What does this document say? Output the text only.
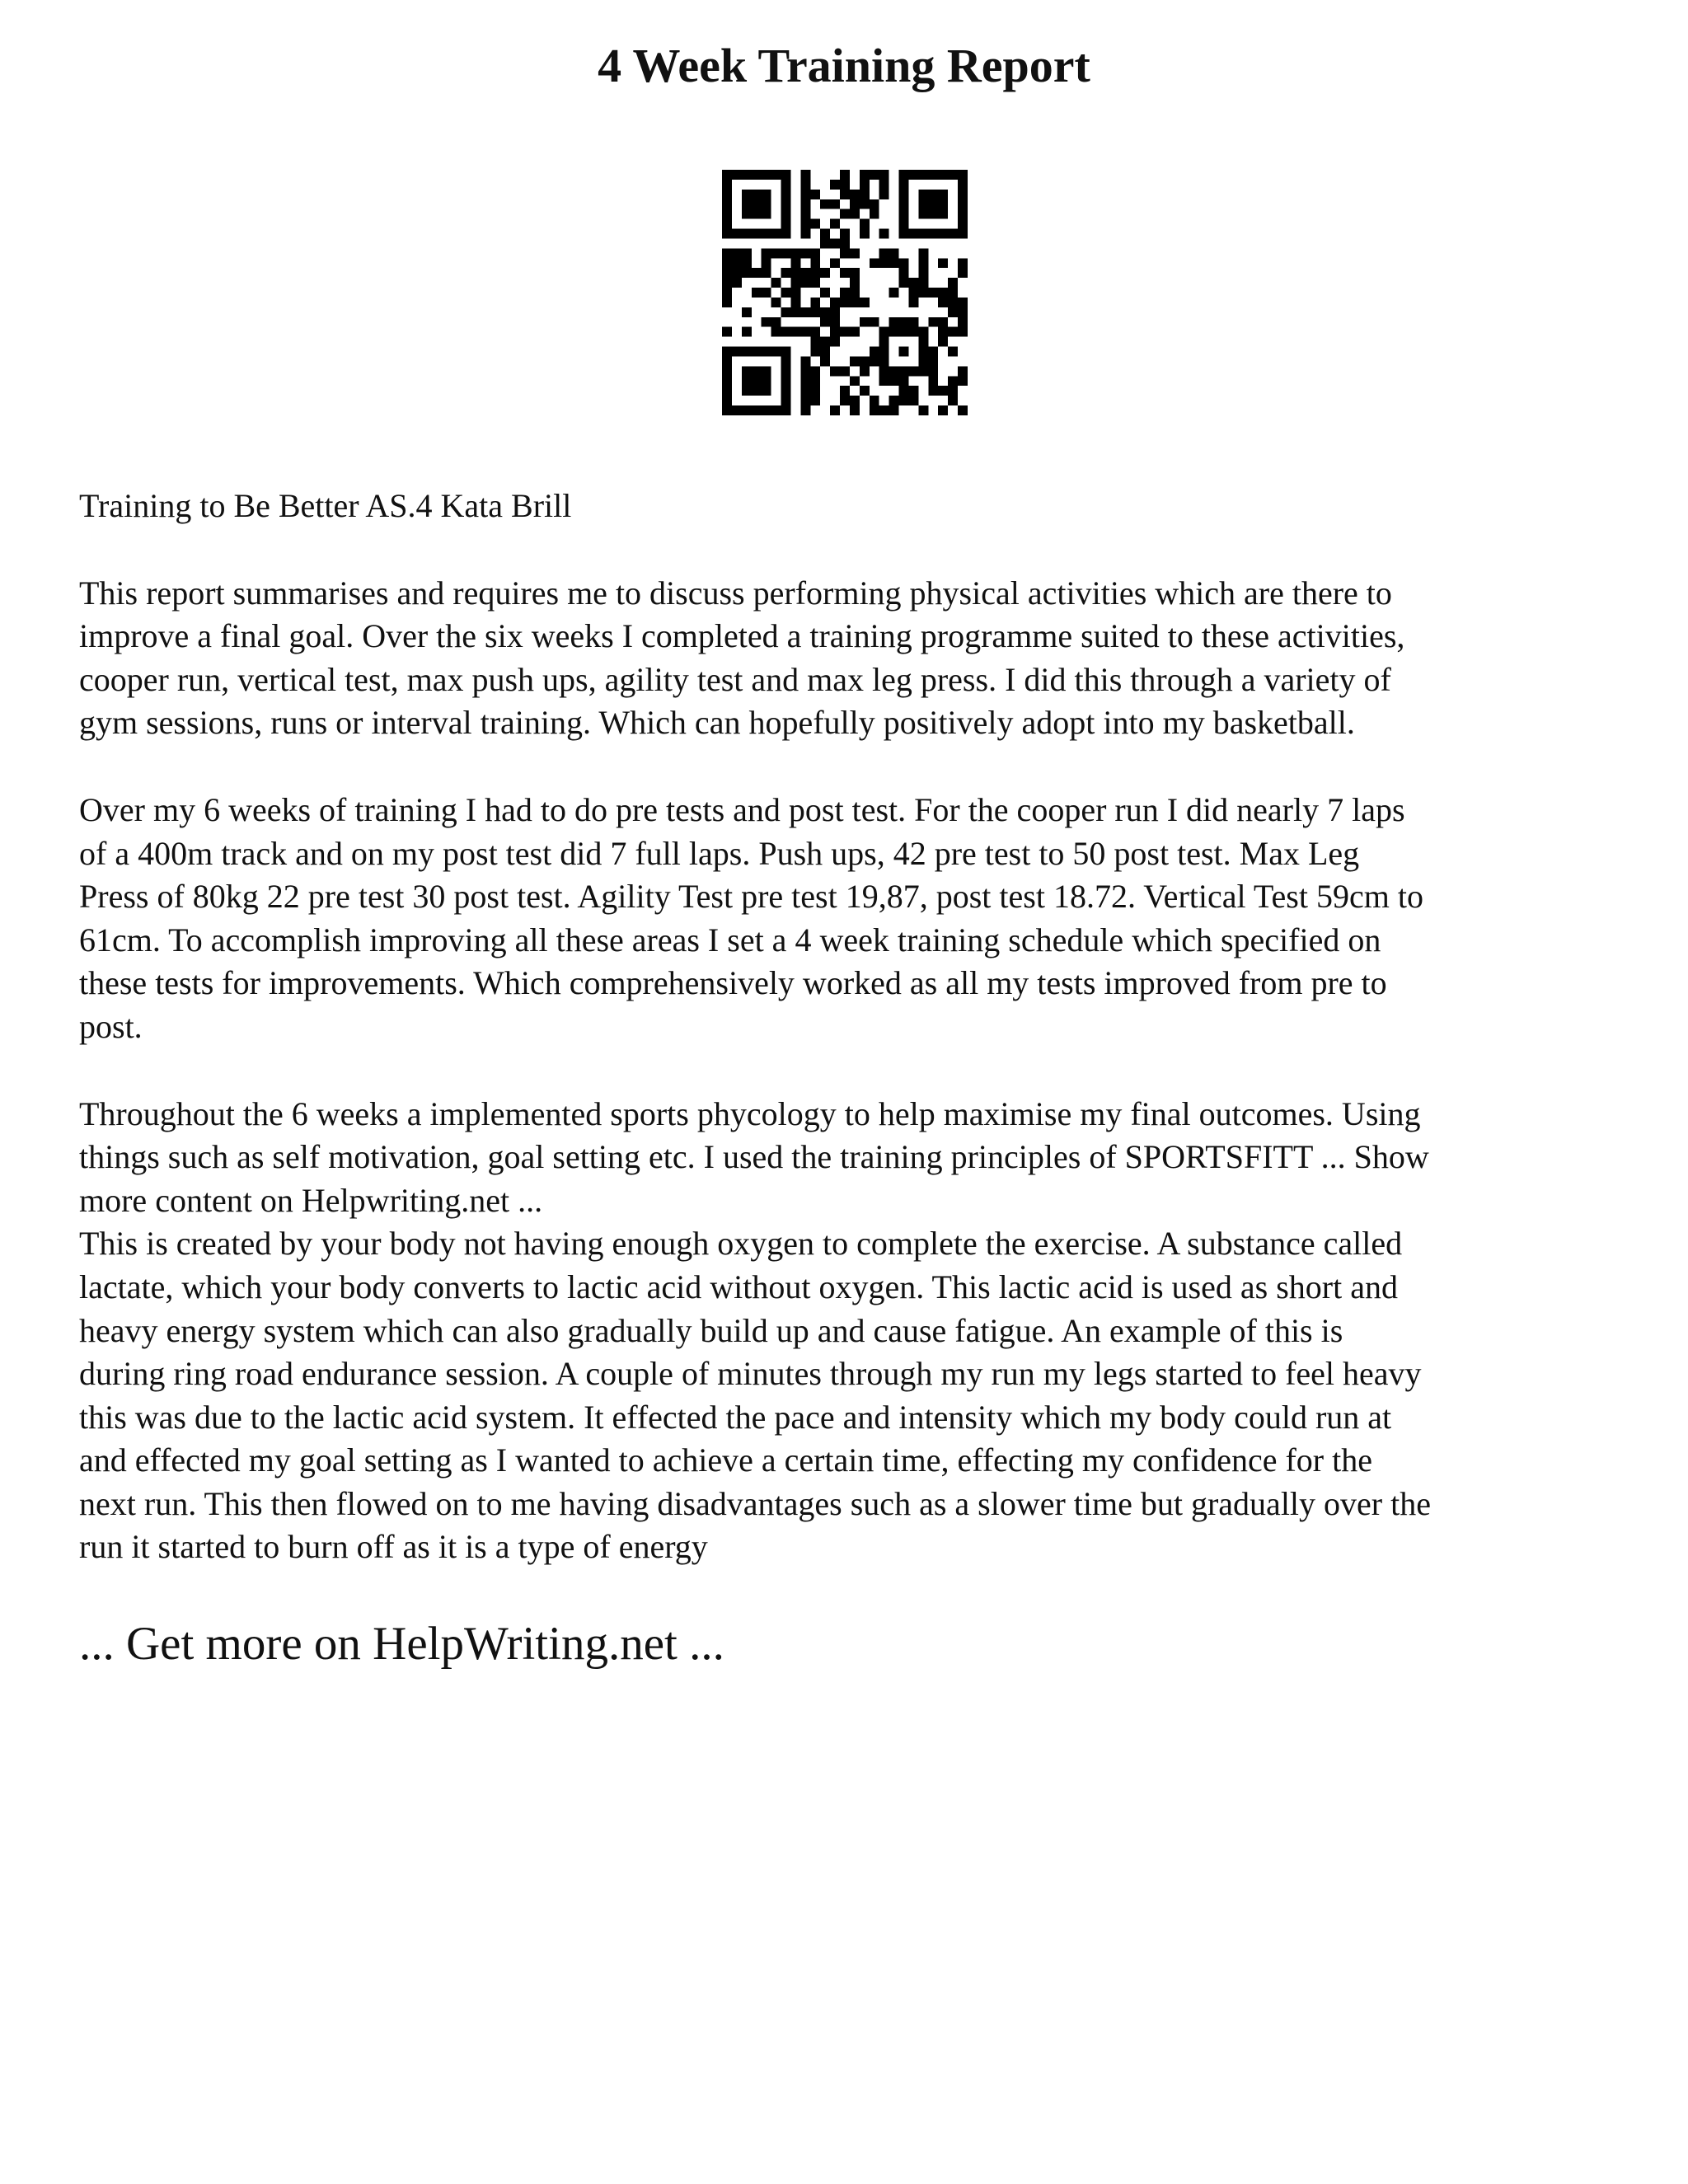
4 Week Training Report

Training to Be Better AS.4 Kata Brill

This report summarises and requires me to discuss performing physical activities which are there to
improve a final goal. Over the six weeks I completed a training programme suited to these activities,
cooper run, vertical test, max push ups, agility test and max leg press. I did this through a variety of
gym sessions, runs or interval training. Which can hopefully positively adopt into my basketball.

Over my 6 weeks of training I had to do pre tests and post test. For the cooper run I did nearly 7 laps
of a 400m track and on my post test did 7 full laps. Push ups, 42 pre test to 50 post test. Max Leg
Press of 80kg 22 pre test 30 post test. Agility Test pre test 19,87, post test 18.72. Vertical Test 59cm to
61cm. To accomplish improving all these areas I set a 4 week training schedule which specified on
these tests for improvements. Which comprehensively worked as all my tests improved from pre to
post.

Throughout the 6 weeks a implemented sports phycology to help maximise my final outcomes. Using
things such as self motivation, goal setting etc. I used the training principles of SPORTSFITT ... Show
more content on Helpwriting.net ...

This is created by your body not having enough oxygen to complete the exercise. A substance called
lactate, which your body converts to lactic acid without oxygen. This lactic acid is used as short and
heavy energy system which can also gradually build up and cause fatigue. An example of this is
during ring road endurance session. A couple of minutes through my run my legs started to feel heavy
this was due to the lactic acid system. It effected the pace and intensity which my body could run at
and effected my goal setting as I wanted to achieve a certain time, effecting my confidence for the
next run. This then flowed on to me having disadvantages such as a slower time but gradually over the
run it started to burn off as it is a type of energy

... Get more on HelpWriting.net ...
